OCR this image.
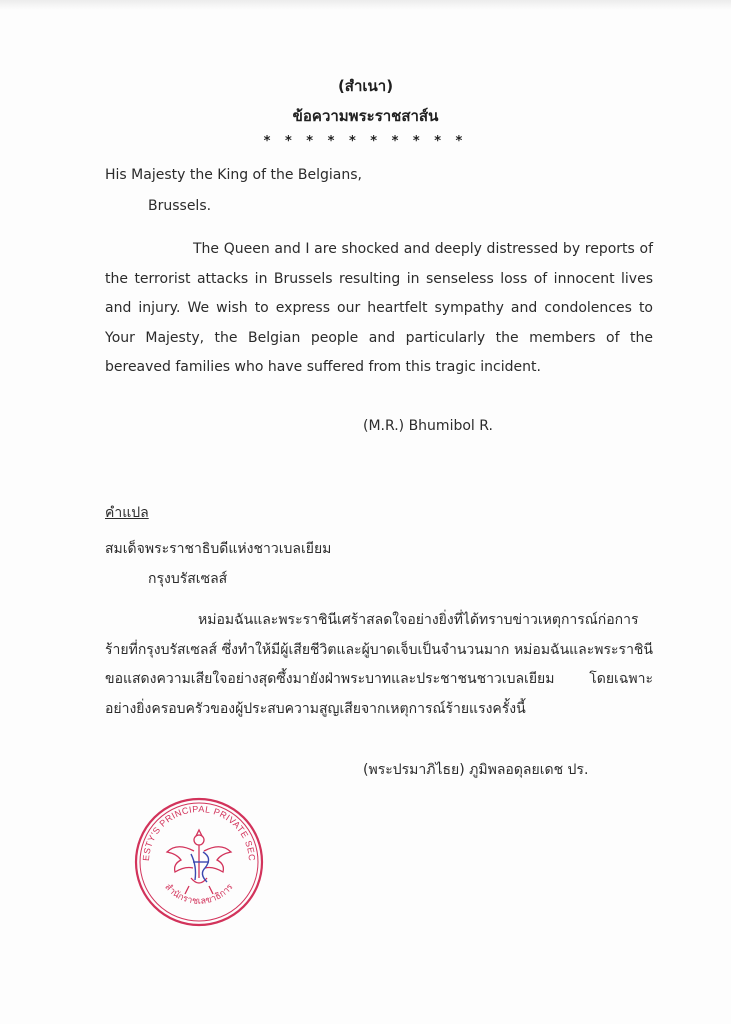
(สำเนา)
ข้อความพระราชสาส์น
* * * * * * * * * *
His Majesty the King of the Belgians,
Brussels.
The Queen and I are shocked and deeply distressed by reports of the terrorist attacks in Brussels resulting in senseless loss of innocent lives and injury. We wish to express our heartfelt sympathy and condolences to Your Majesty, the Belgian people and particularly the members of the bereaved families who have suffered from this tragic incident.
(M.R.) Bhumibol R.
คำแปล
สมเด็จพระราชาธิบดีแห่งชาวเบลเยียม
กรุงบรัสเซลส์
หม่อมฉันและพระราชินีเศร้าสลดใจอย่างยิ่งที่ได้ทราบข่าวเหตุการณ์ก่อการร้ายที่กรุงบรัสเซลส์ ซึ่งทำให้มีผู้เสียชีวิตและผู้บาดเจ็บเป็นจำนวนมาก หม่อมฉันและพระราชินีขอแสดงความเสียใจอย่างสุดซึ้งมายังฝ่าพระบาทและประชาชนชาวเบลเยียม โดยเฉพาะอย่างยิ่งครอบครัวของผู้ประสบความสูญเสียจากเหตุการณ์ร้ายแรงครั้งนี้
(พระปรมาภิไธย) ภูมิพลอดุลยเดช ปร.
ESTY'S PRINCIPAL PRIVATE SEC
สำนักราชเลขาธิการ
